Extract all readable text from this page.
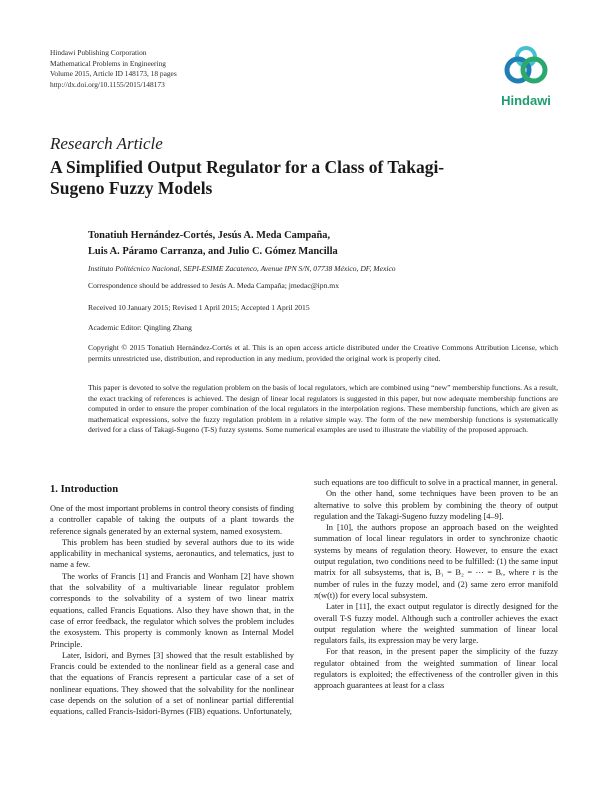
Hindawi Publishing Corporation
Mathematical Problems in Engineering
Volume 2015, Article ID 148173, 18 pages
http://dx.doi.org/10.1155/2015/148173
Hindawi
Research Article
A Simplified Output Regulator for a Class of Takagi-Sugeno Fuzzy Models
Tonatiuh Hernández-Cortés, Jesús A. Meda Campaña,
Luis A. Páramo Carranza, and Julio C. Gómez Mancilla
Instituto Politécnico Nacional, SEPI-ESIME Zacatenco, Avenue IPN S/N, 07738 México, DF, Mexico
Correspondence should be addressed to Jesús A. Meda Campaña; jmedac@ipn.mx
Received 10 January 2015; Revised 1 April 2015; Accepted 1 April 2015
Academic Editor: Qingling Zhang
Copyright © 2015 Tonatiuh Hernández-Cortés et al. This is an open access article distributed under the Creative Commons Attribution License, which permits unrestricted use, distribution, and reproduction in any medium, provided the original work is properly cited.
This paper is devoted to solve the regulation problem on the basis of local regulators, which are combined using “new” membership functions. As a result, the exact tracking of references is achieved. The design of linear local regulators is suggested in this paper, but now adequate membership functions are computed in order to ensure the proper combination of the local regulators in the interpolation regions. These membership functions, which are given as mathematical expressions, solve the fuzzy regulation problem in a relative simple way. The form of the new membership functions is systematically derived for a class of Takagi-Sugeno (T-S) fuzzy systems. Some numerical examples are used to illustrate the viability of the proposed approach.
1. Introduction

One of the most important problems in control theory consists of finding a controller capable of taking the outputs of a plant towards the reference signals generated by an external system, named exosystem.

This problem has been studied by several authors due to its wide applicability in mechanical systems, aeronautics, and telematics, just to name a few.

The works of Francis [1] and Francis and Wonham [2] have shown that the solvability of a multivariable linear regulator problem corresponds to the solvability of a system of two linear matrix equations, called Francis Equations. Also they have shown that, in the case of error feedback, the regulator which solves the problem includes the exosystem. This property is commonly known as Internal Model Principle.

Later, Isidori, and Byrnes [3] showed that the result established by Francis could be extended to the nonlinear field as a general case and that the equations of Francis represent a particular case of a set of nonlinear equations. They showed that the solvability for the nonlinear case depends on the solution of a set of nonlinear partial differential equations, called Francis-Isidori-Byrnes (FIB) equations. Unfortunately,

such equations are too difficult to solve in a practical manner, in general.

On the other hand, some techniques have been proven to be an alternative to solve this problem by combining the theory of output regulation and the Takagi-Sugeno fuzzy modeling [4–9].

In [10], the authors propose an approach based on the weighted summation of local linear regulators in order to synchronize chaotic systems by means of regulation theory. However, to ensure the exact output regulation, two conditions need to be fulfilled: (1) the same input matrix for all subsystems, that is, B₁ = B₂ = ⋯ = Bᵣ, where r is the number of rules in the fuzzy model, and (2) same zero error manifold π(w(t)) for every local subsystem.

Later in [11], the exact output regulator is directly designed for the overall T-S fuzzy model. Although such a controller achieves the exact output regulation where the weighted summation of linear local regulators fails, its expression may be very large.

For that reason, in the present paper the simplicity of the fuzzy regulator obtained from the weighted summation of linear local regulators is exploited; the effectiveness of the controller given in this approach guarantees at least for a class
